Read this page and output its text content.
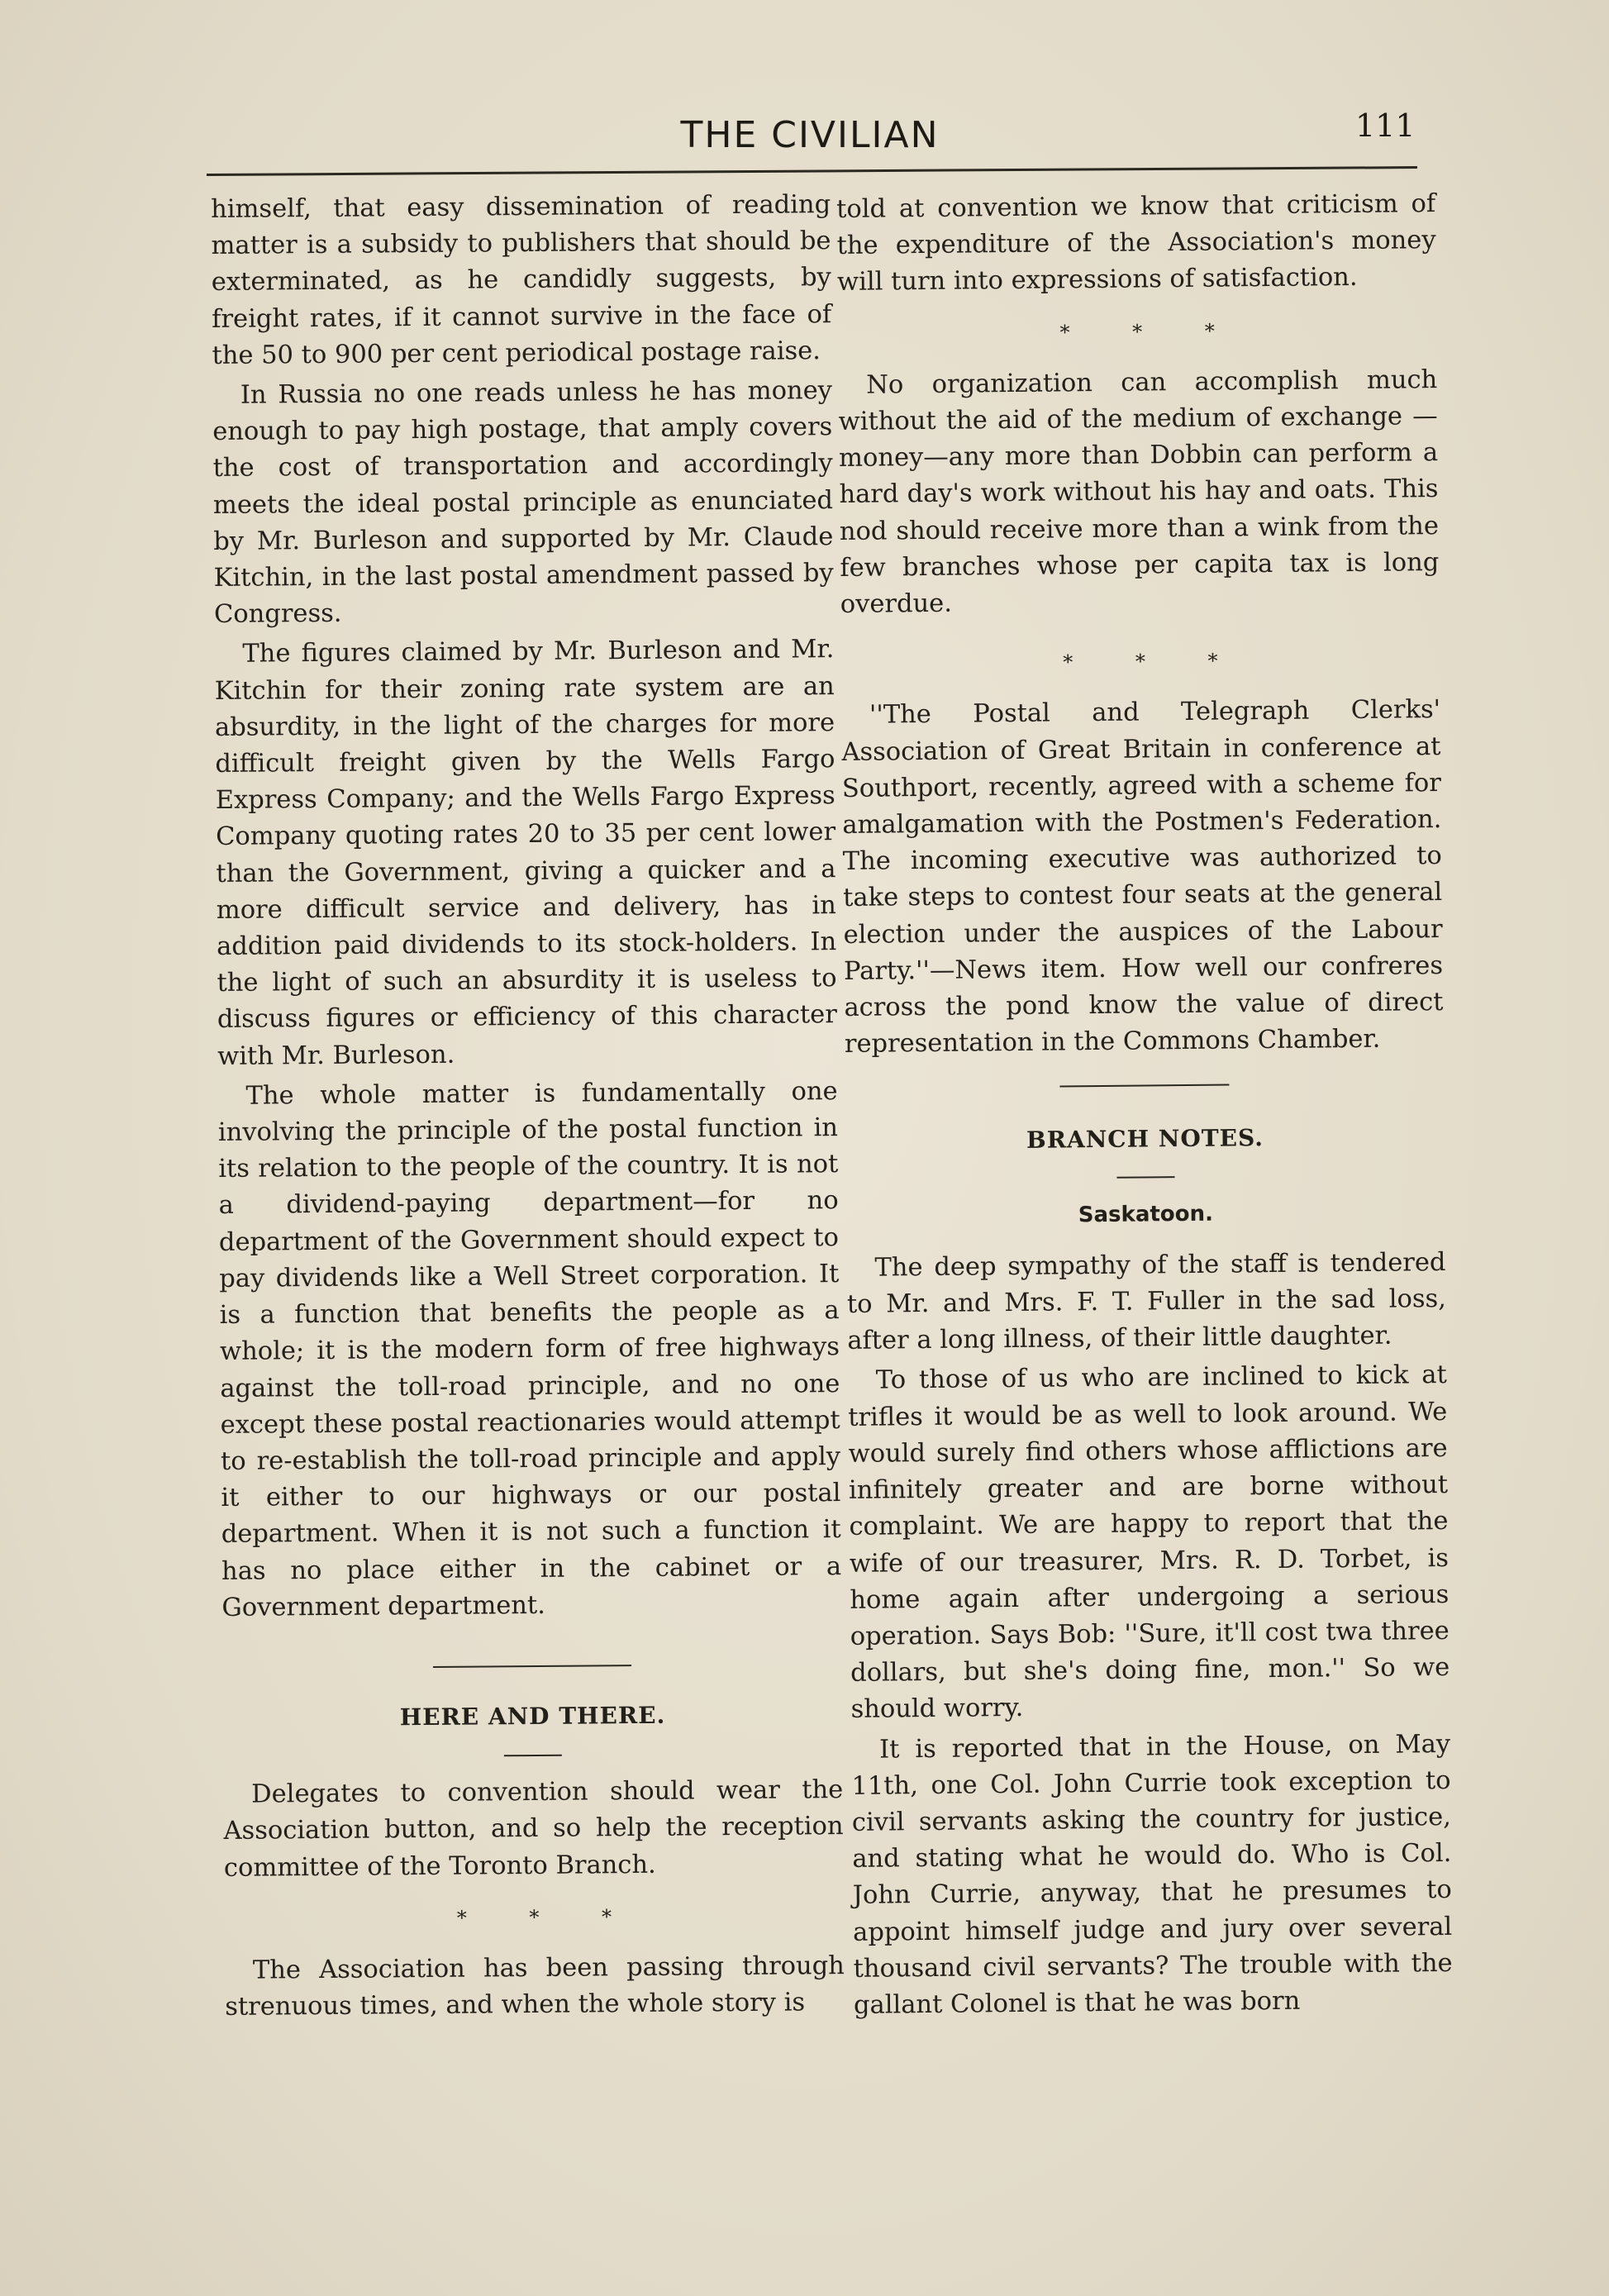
THE CIVILIAN	111

himself, that easy dissemination of reading matter is a subsidy to publishers that should be exterminated, as he candidly suggests, by freight rates, if it cannot survive in the face of the 50 to 900 per cent periodical postage raise.

In Russia no one reads unless he has money enough to pay high postage, that amply covers the cost of transportation and accordingly meets the ideal postal principle as enunciated by Mr. Burleson and supported by Mr. Claude Kitchin, in the last postal amendment passed by Congress.

The figures claimed by Mr. Burleson and Mr. Kitchin for their zoning rate system are an absurdity, in the light of the charges for more difficult freight given by the Wells Fargo Express Company; and the Wells Fargo Express Company quoting rates 20 to 35 per cent lower than the Government, giving a quicker and a more difficult service and delivery, has in addition paid dividends to its stock-holders. In the light of such an absurdity it is useless to discuss figures or efficiency of this character with Mr. Burleson.

The whole matter is fundamentally one involving the principle of the postal function in its relation to the people of the country. It is not a dividend-paying department—for no department of the Government should expect to pay dividends like a Well Street corporation. It is a function that benefits the people as a whole; it is the modern form of free highways against the toll-road principle, and no one except these postal reactionaries would attempt to re-establish the toll-road principle and apply it either to our highways or our postal department. When it is not such a function it has no place either in the cabinet or a Government department.

HERE AND THERE.

Delegates to convention should wear the Association button, and so help the reception committee of the Toronto Branch.

* * *

The Association has been passing through strenuous times, and when the whole story is

told at convention we know that criticism of the expenditure of the Association's money will turn into expressions of satisfaction.

* * *

No organization can accomplish much without the aid of the medium of exchange —money—any more than Dobbin can perform a hard day's work without his hay and oats. This nod should receive more than a wink from the few branches whose per capita tax is long overdue.

* * *

''The Postal and Telegraph Clerks' Association of Great Britain in conference at Southport, recently, agreed with a scheme for amalgamation with the Postmen's Federation. The incoming executive was authorized to take steps to contest four seats at the general election under the auspices of the Labour Party.''—News item. How well our confreres across the pond know the value of direct representation in the Commons Chamber.

BRANCH NOTES.

Saskatoon.

The deep sympathy of the staff is tendered to Mr. and Mrs. F. T. Fuller in the sad loss, after a long illness, of their little daughter.

To those of us who are inclined to kick at trifles it would be as well to look around. We would surely find others whose afflictions are infinitely greater and are borne without complaint. We are happy to report that the wife of our treasurer, Mrs. R. D. Torbet, is home again after undergoing a serious operation. Says Bob: ''Sure, it'll cost twa three dollars, but she's doing fine, mon.'' So we should worry.

It is reported that in the House, on May 11th, one Col. John Currie took exception to civil servants asking the country for justice, and stating what he would do. Who is Col. John Currie, anyway, that he presumes to appoint himself judge and jury over several thousand civil servants? The trouble with the gallant Colonel is that he was born
